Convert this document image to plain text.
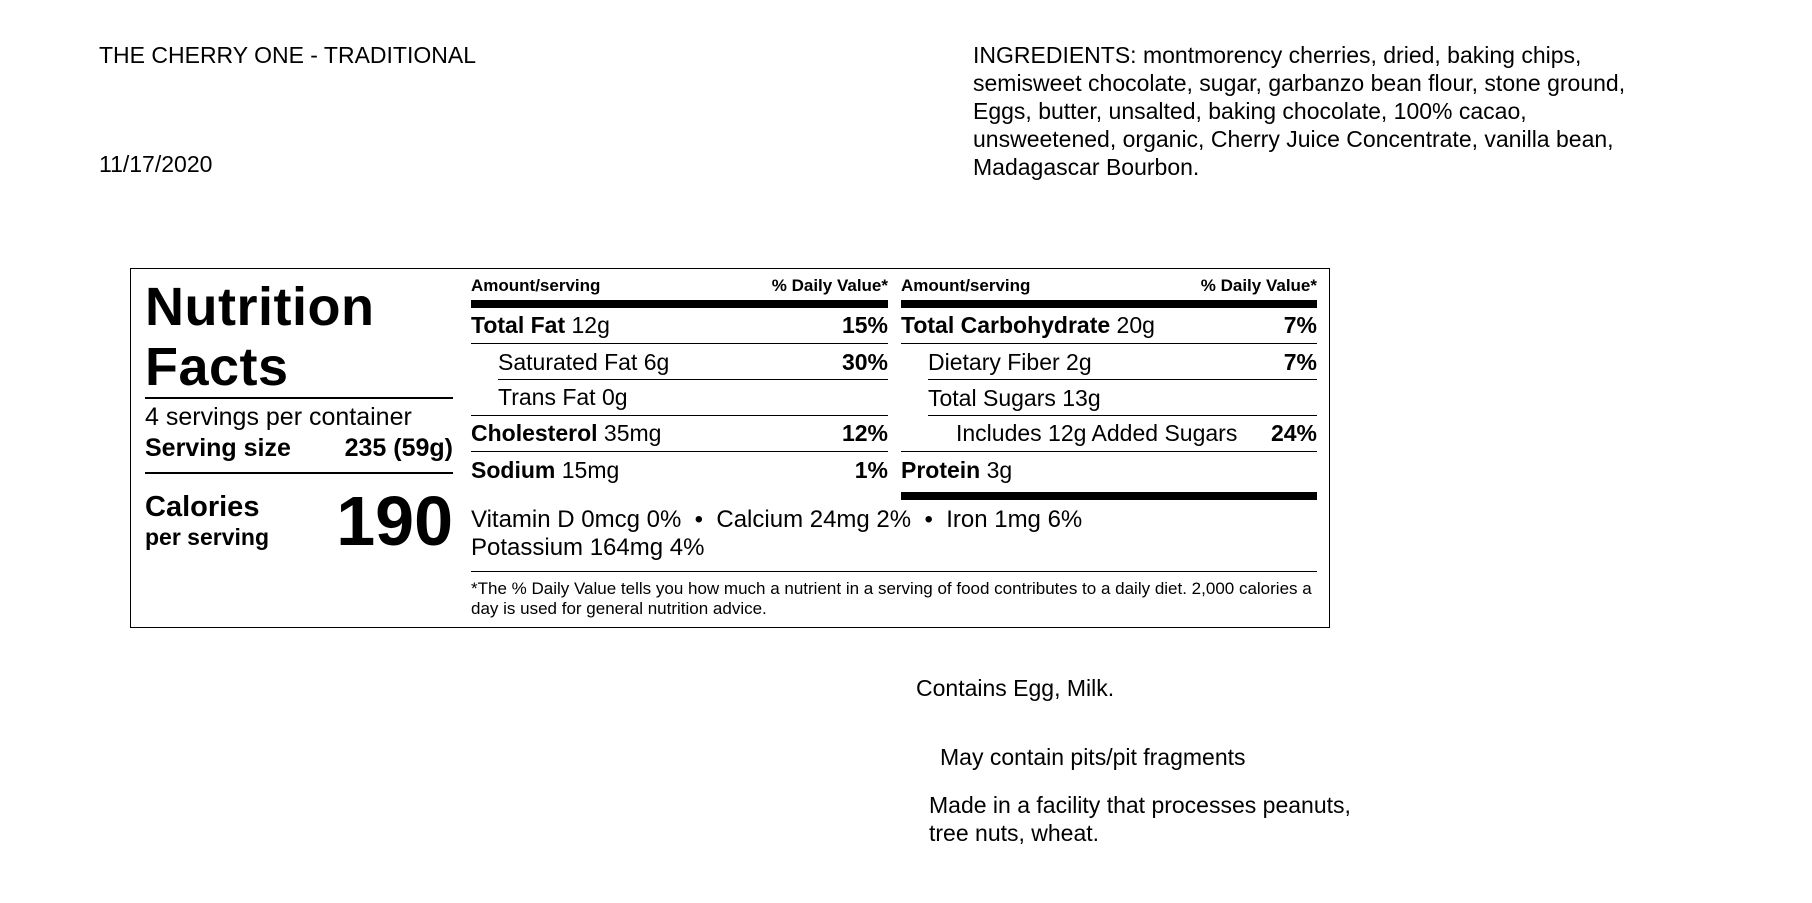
THE CHERRY ONE - TRADITIONAL
11/17/2020
INGREDIENTS: montmorency cherries, dried, baking chips, semisweet chocolate, sugar, garbanzo bean flour, stone ground, Eggs, butter, unsalted, baking chocolate, 100% cacao, unsweetened, organic, Cherry Juice Concentrate, vanilla bean, Madagascar Bourbon.
Nutrition
Facts
4 servings per container
Serving size 235 (59g)
Calories
per serving 190
Amount/serving	% Daily Value*
Total Fat 12g	15%
Saturated Fat 6g	30%
Trans Fat 0g
Cholesterol 35mg	12%
Sodium 15mg	1%
Amount/serving	% Daily Value*
Total Carbohydrate 20g	7%
Dietary Fiber 2g	7%
Total Sugars 13g
Includes 12g Added Sugars 24%
Protein 3g
Vitamin D 0mcg 0%  •  Calcium 24mg 2%  •  Iron 1mg 6%
Potassium 164mg 4%
*The % Daily Value tells you how much a nutrient in a serving of food contributes to a daily diet. 2,000 calories a day is used for general nutrition advice.
Contains Egg, Milk.
May contain pits/pit fragments
Made in a facility that processes peanuts, tree nuts, wheat.
